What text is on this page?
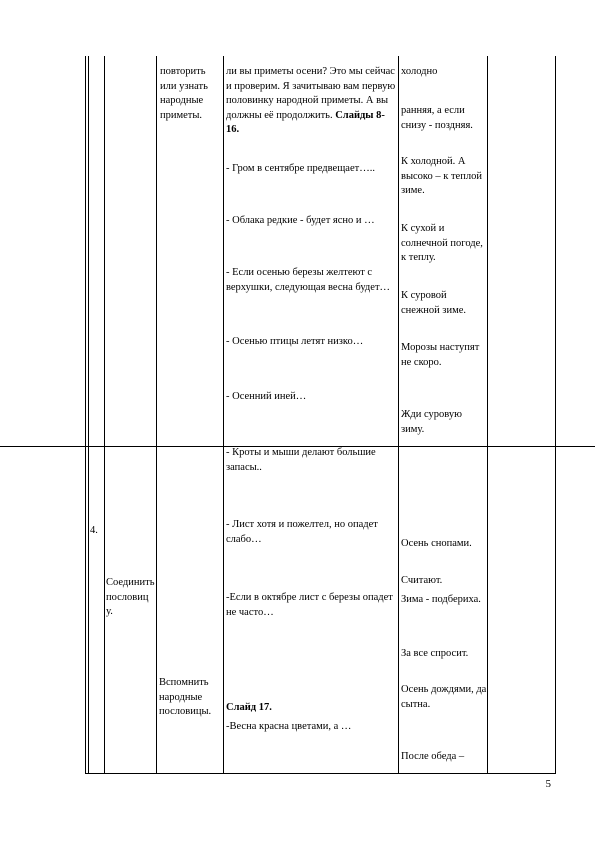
повторить или узнать народные приметы.
ли вы приметы осени? Это мы сейчас и проверим. Я зачитываю вам первую половинку народной приметы. А вы должны её продолжить. Слайды 8-16.
холодно
ранняя, а если снизу - поздняя.
- Гром в сентябре предвещает…..
К холодной. А высоко – к теплой зиме.
- Облака редкие - будет ясно и …
К сухой и солнечной погоде, к теплу.
- Если осенью березы желтеют с верхушки, следующая весна будет…
К суровой снежной зиме.
- Осенью птицы летят низко…
Морозы наступят не скоро.
- Осенний иней…
Жди суровую зиму.
4.
Соединить пословицу.
Вспомнить народные пословицы.
- Кроты и мыши делают большие запасы..
- Лист хотя и пожелтел, но опадет слабо…
-Если в октябре лист с березы опадет не часто…
Слайд 17.
-Весна красна цветами, а …
Осень снопами.
Считают.
Зима - подбериха.
За все спросит.
Осень дождями, да сытна.
После обеда –
5
